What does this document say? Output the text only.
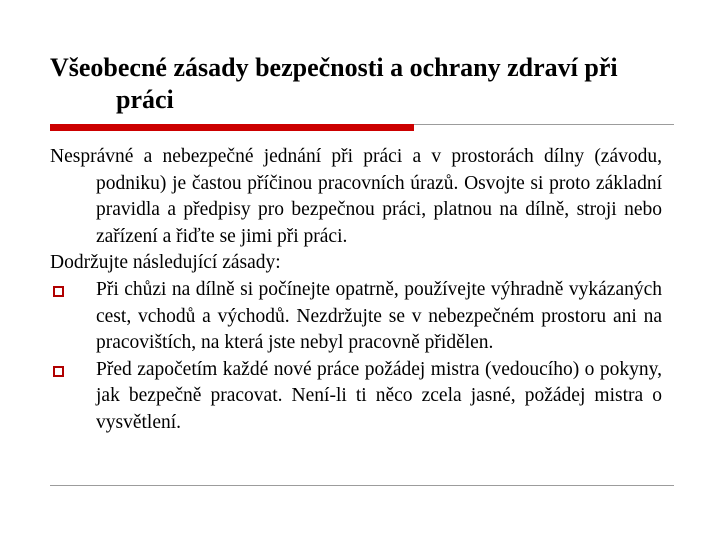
Všeobecné zásady bezpečnosti a ochrany zdraví při
práci

Nesprávné a nebezpečné jednání při práci a v prostorách dílny (závodu, podniku) je častou příčinou pracovních úrazů. Osvojte si proto základní pravidla a předpisy pro bezpečnou práci, platnou na dílně, stroji nebo zařízení a řiďte se jimi při práci.

Dodržujte následující zásady:

Při chůzi na dílně si počínejte opatrně, používejte výhradně vykázaných cest, vchodů a východů. Nezdržujte se v nebezpečném prostoru ani na pracovištích, na která jste nebyl pracovně přidělen.
Před započetím každé nové práce požádej mistra (vedoucího) o pokyny, jak bezpečně pracovat. Není-li ti něco zcela jasné, požádej mistra o vysvětlení.
